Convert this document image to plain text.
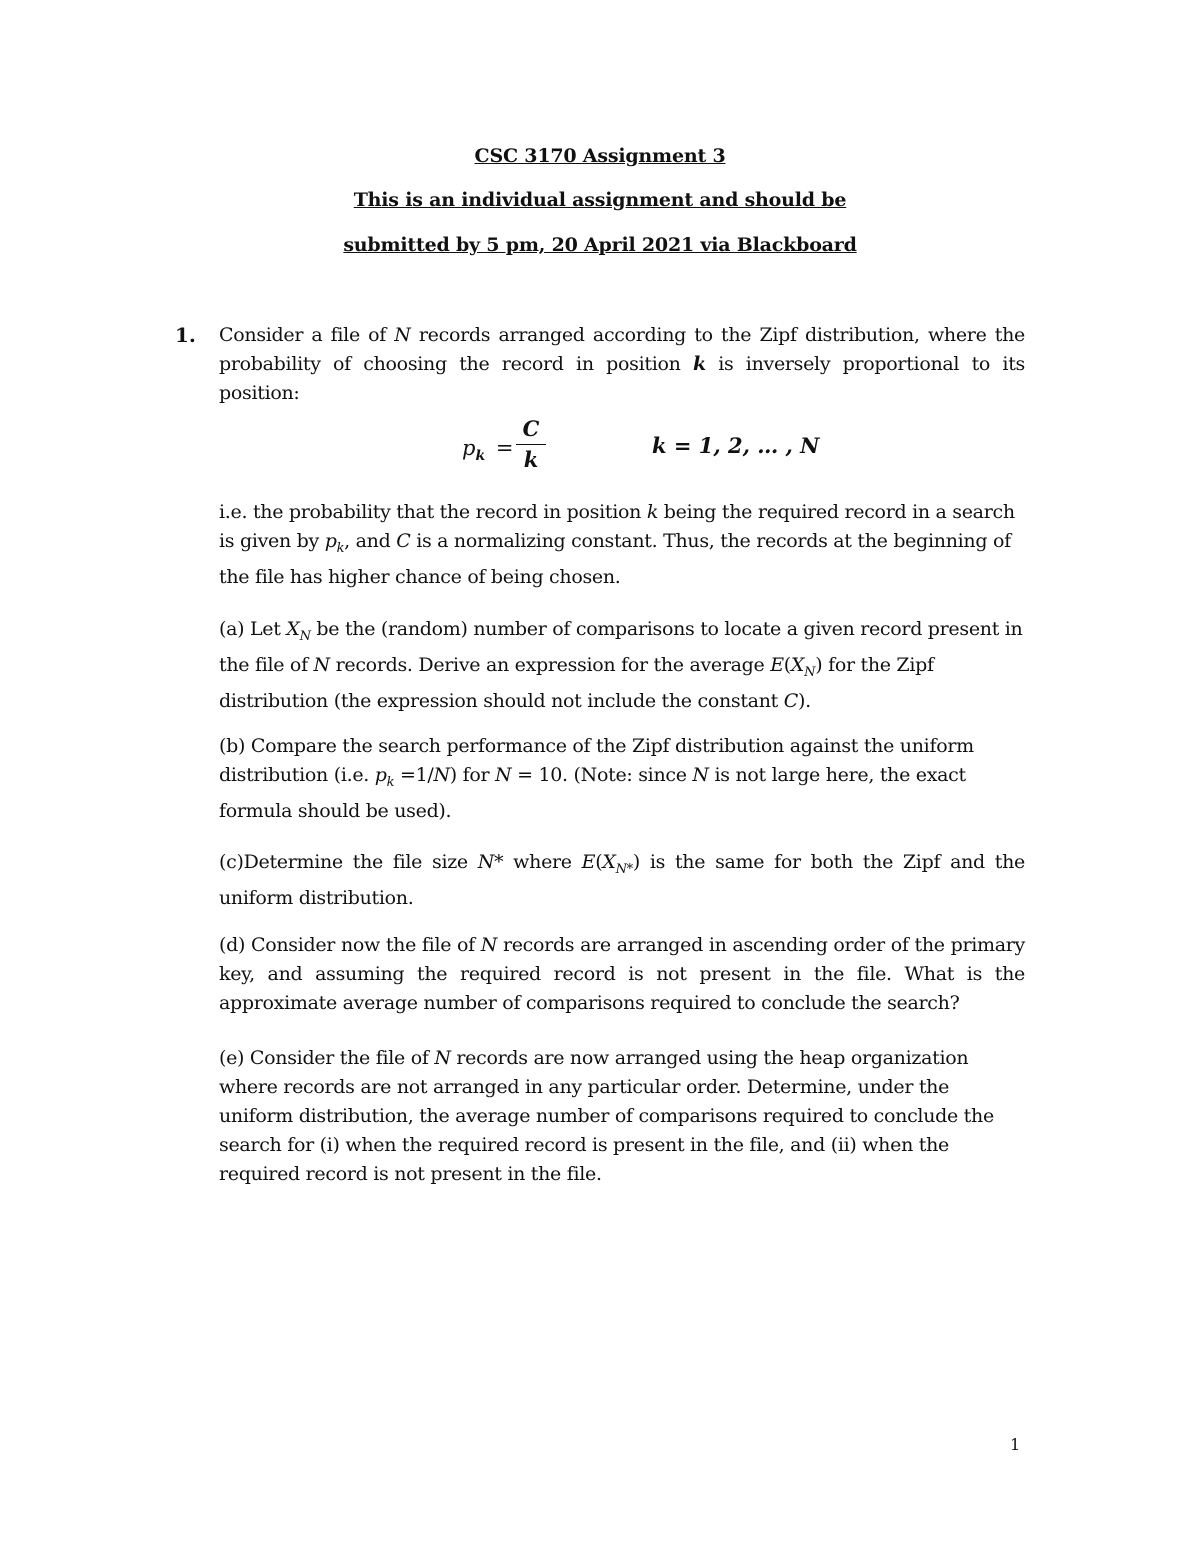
CSC 3170 Assignment 3
This is an individual assignment and should be
submitted by 5 pm, 20 April 2021 via Blackboard
1. Consider a file of N records arranged according to the Zipf distribution, where the probability of choosing the record in position k is inversely proportional to its position:
$p_k$ =
C
k
k = 1, 2, … , N
i.e. the probability that the record in position k being the required record in a search is given by $p_k$, and C is a normalizing constant. Thus, the records at the beginning of the file has higher chance of being chosen.
(a) Let $X_N$ be the (random) number of comparisons to locate a given record present in the file of N records. Derive an expression for the average $E(X_N)$ for the Zipf distribution (the expression should not include the constant C).
(b) Compare the search performance of the Zipf distribution against the uniform distribution (i.e. $p_k =1/N$) for N = 10. (Note: since N is not large here, the exact formula should be used).
(c)Determine the file size N* where $E(X_{N*})$ is the same for both the Zipf and the uniform distribution.
(d) Consider now the file of N records are arranged in ascending order of the primary key, and assuming the required record is not present in the file. What is the approximate average number of comparisons required to conclude the search?
(e) Consider the file of N records are now arranged using the heap organization where records are not arranged in any particular order. Determine, under the uniform distribution, the average number of comparisons required to conclude the search for (i) when the required record is present in the file, and (ii) when the required record is not present in the file.
1
